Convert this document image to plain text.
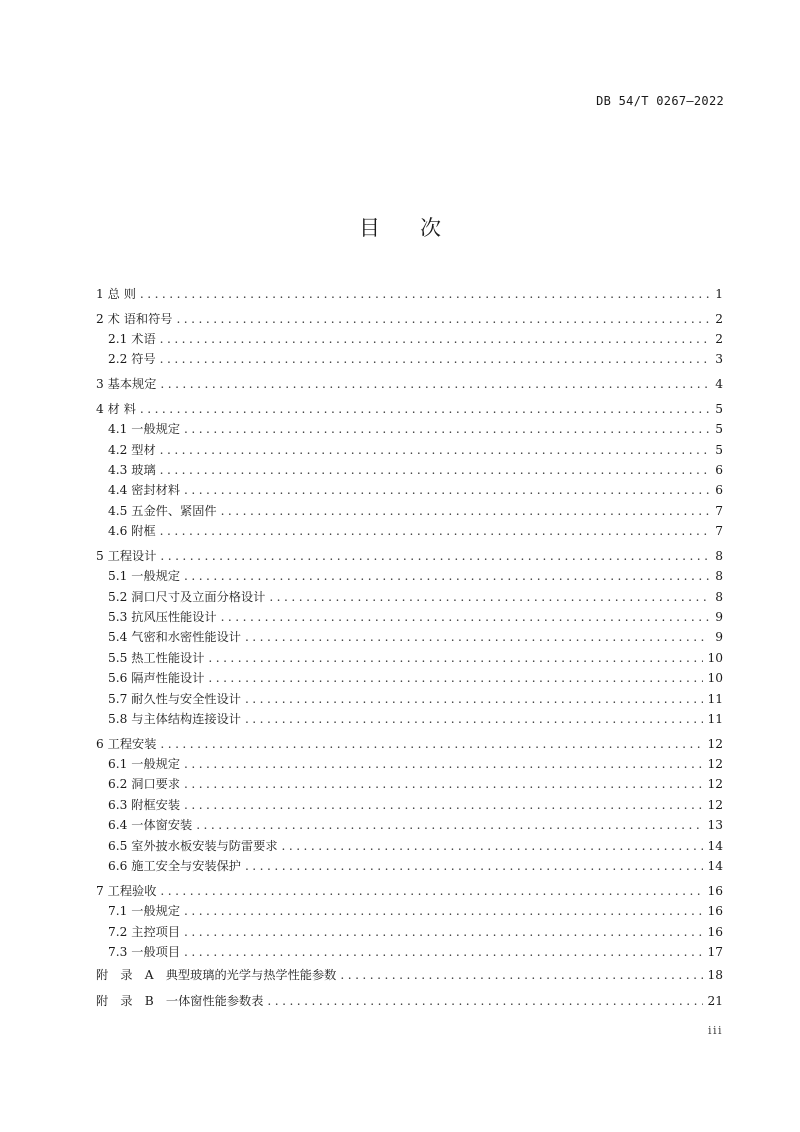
DB 54/T 0267—2022
目 次
1 总 则 . . .	1
2 术 语和符号 . . .	2
2.1 术语 . . .	2
2.2 符号 . . .	3
3 基本规定 . . .	4
4 材 料 . . .	5
4.1 一般规定 . . .	5
4.2 型材 . . .	5
4.3 玻璃 . . .	6
4.4 密封材料 . . .	6
4.5 五金件、紧固件 . . .	7
4.6 附框 . . .	7
5 工程设计 . . .	8
5.1 一般规定 . . .	8
5.2 洞口尺寸及立面分格设计 . . .	8
5.3 抗风压性能设计 . . .	9
5.4 气密和水密性能设计 . . .	9
5.5 热工性能设计 . . .	10
5.6 隔声性能设计 . . .	10
5.7 耐久性与安全性设计 . . .	11
5.8 与主体结构连接设计 . . .	11
6 工程安装 . . .	12
6.1 一般规定 . . .	12
6.2 洞口要求 . . .	12
6.3 附框安装 . . .	12
6.4 一体窗安装 . . .	13
6.5 室外披水板安装与防雷要求 . . .	14
6.6 施工安全与安装保护 . . .	14
7 工程验收 . . .	16
7.1 一般规定 . . .	16
7.2 主控项目 . . .	16
7.3 一般项目 . . .	17
附　录　A　典型玻璃的光学与热学性能参数 . . .	18
附　录　B　一体窗性能参数表 . . .	21
iii
